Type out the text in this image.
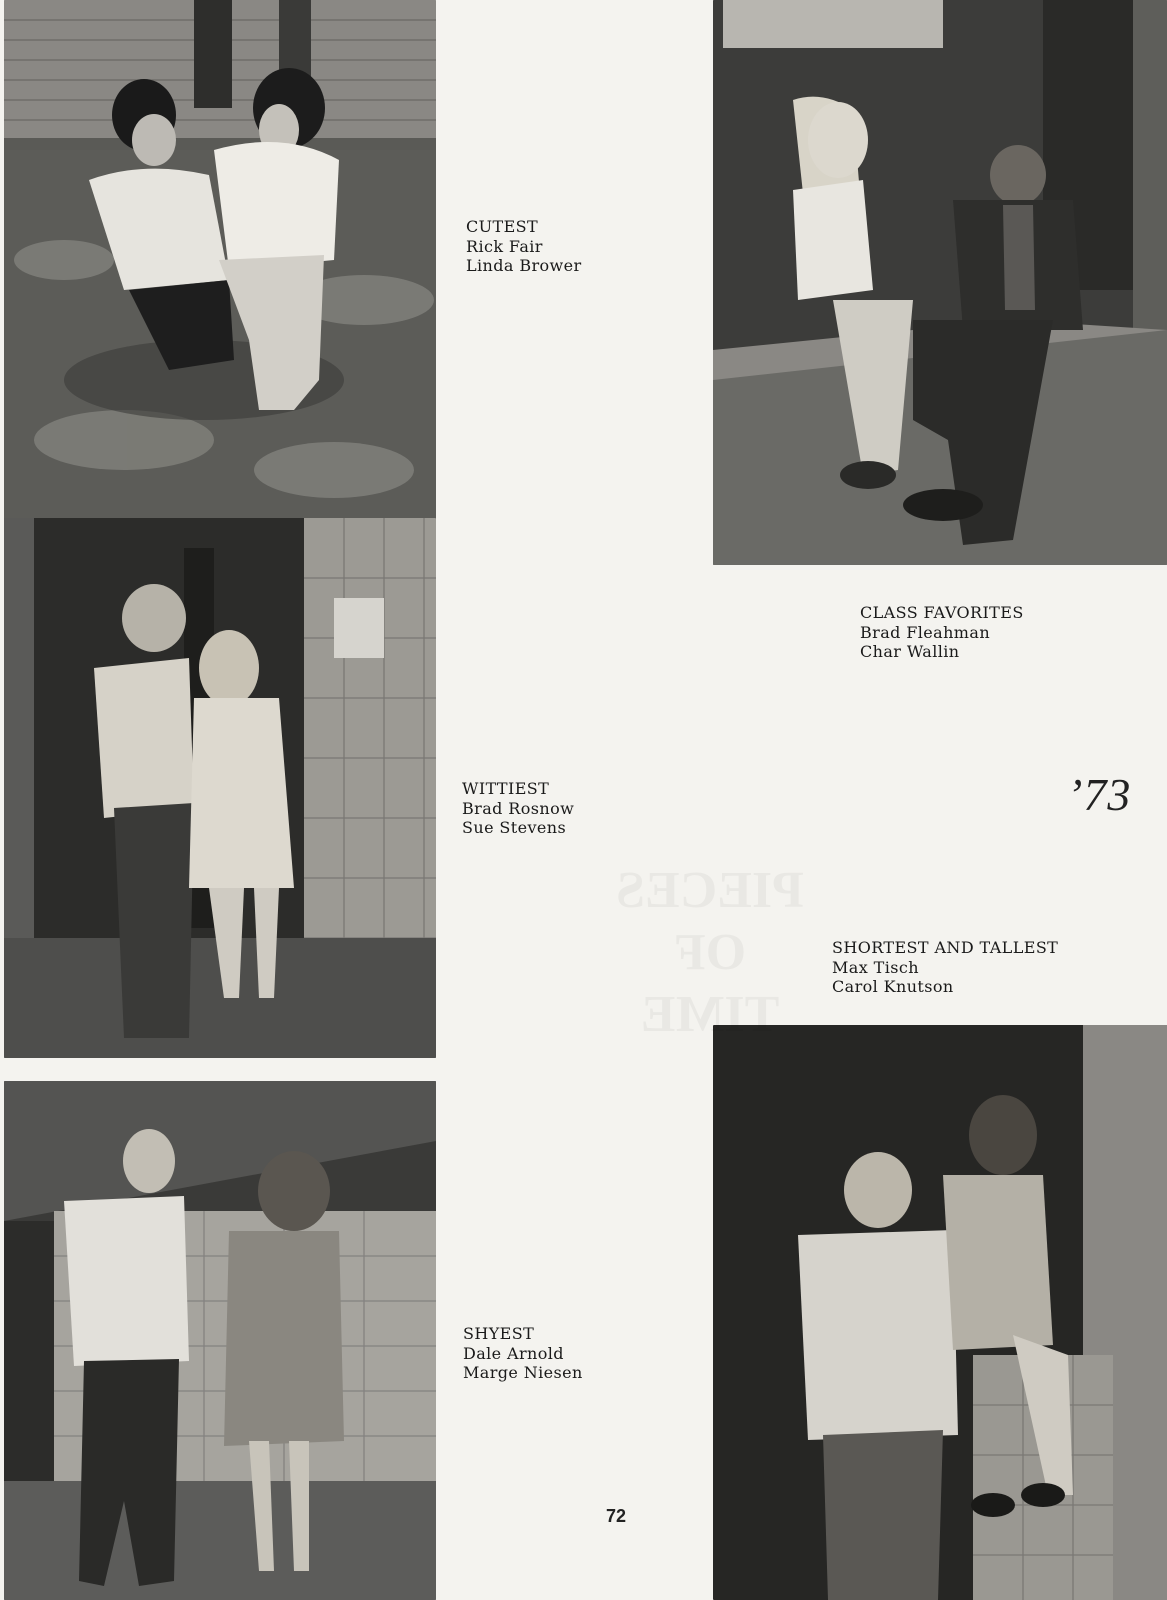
CUTEST
Rick Fair
Linda Brower
CLASS FAVORITES
Brad Fleahman
Char Wallin
WITTIEST
Brad Rosnow
Sue Stevens
SHORTEST AND TALLEST
Max Tisch
Carol Knutson
SHYEST
Dale Arnold
Marge Niesen
’73
72
